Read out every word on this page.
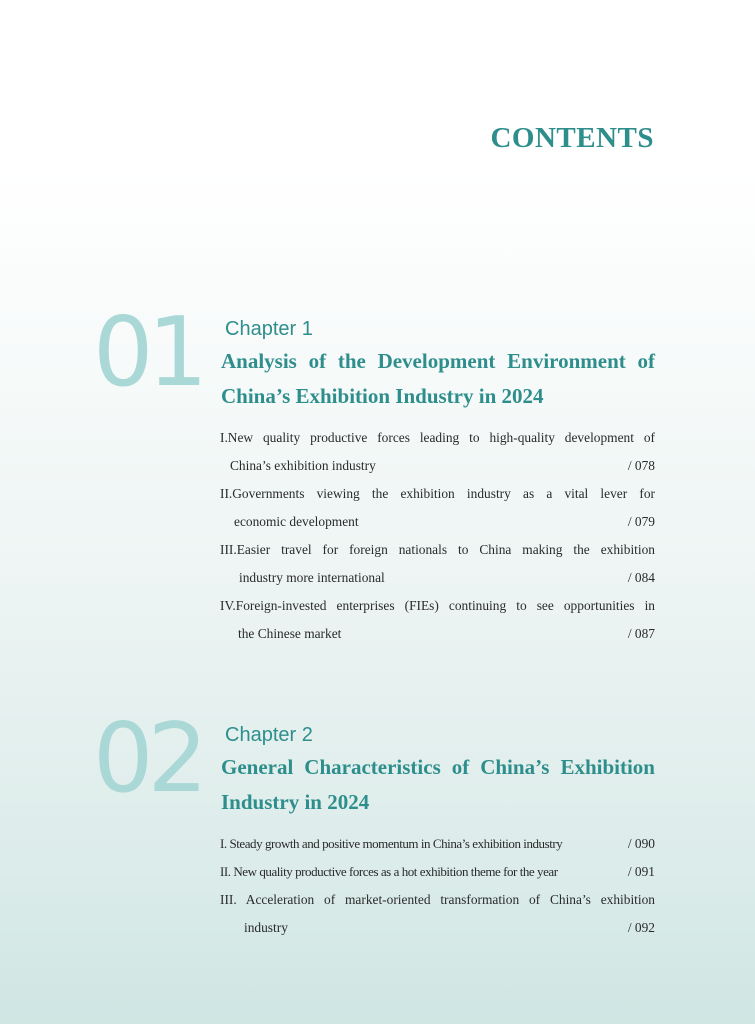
CONTENTS
01 Chapter 1
Analysis of the Development Environment of China’s Exhibition Industry in 2024
I.New quality productive forces leading to high-quality development of
China’s exhibition industry	/ 078
II.Governments viewing the exhibition industry as a vital lever for
economic development	/ 079
III.Easier travel for foreign nationals to China making the exhibition
industry more international	/ 084
IV.Foreign-invested enterprises (FIEs) continuing to see opportunities in
the Chinese market	/ 087
02 Chapter 2
General Characteristics of China’s Exhibition Industry in 2024
I. Steady growth and positive momentum in China’s exhibition industry	/ 090
II. New quality productive forces as a hot exhibition theme for the year	/ 091
III. Acceleration of market-oriented transformation of China’s exhibition
industry	/ 092
